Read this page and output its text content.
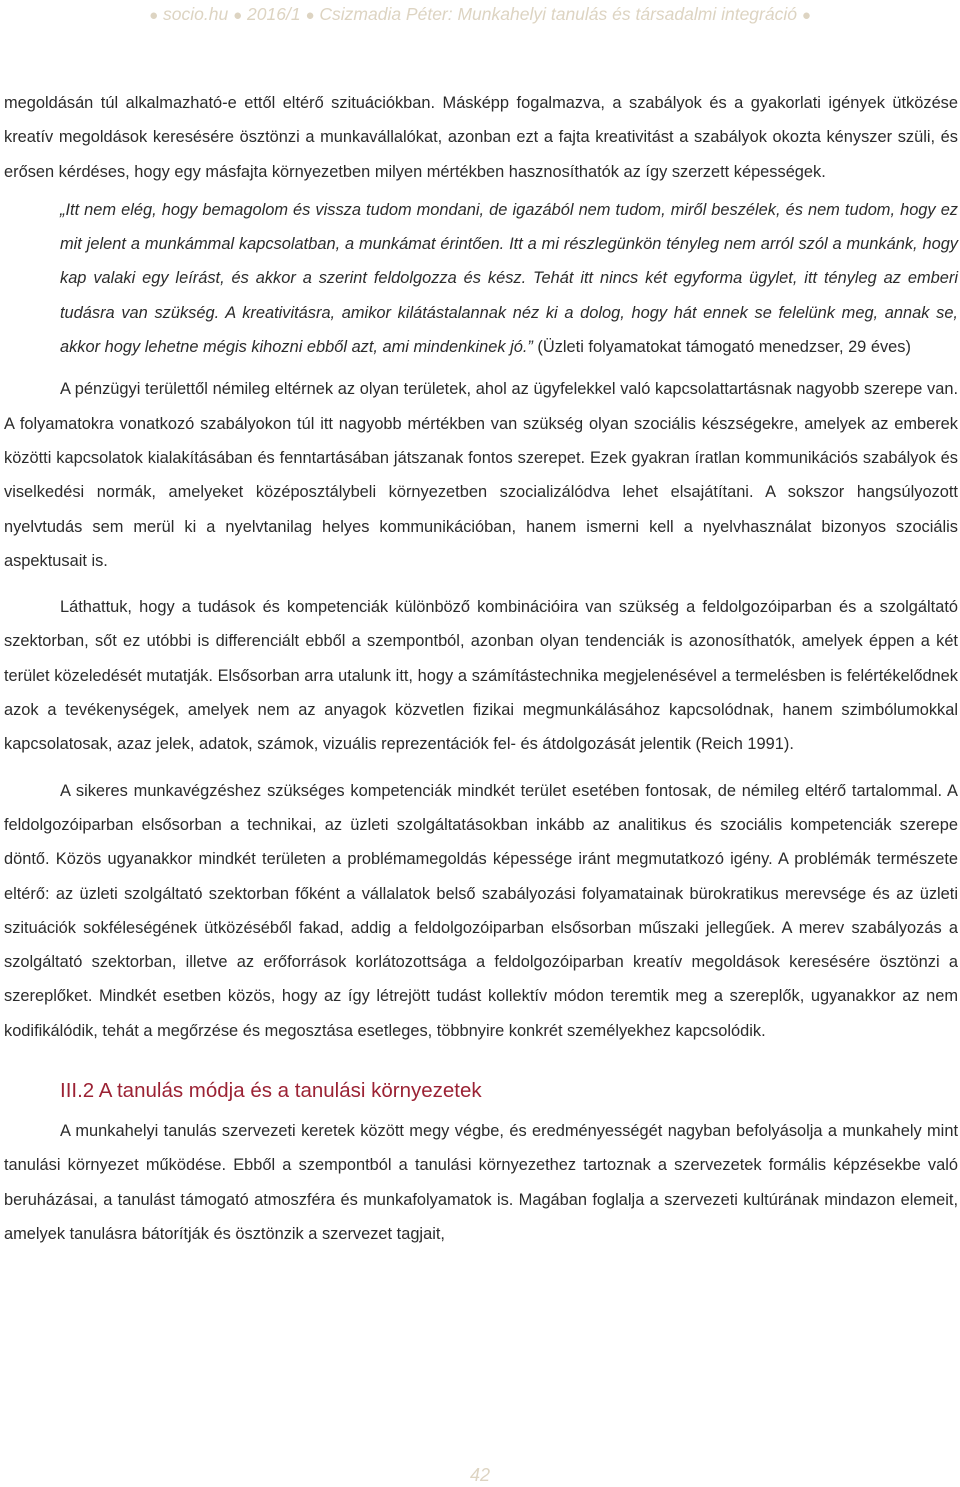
● socio.hu ● 2016/1 ● Csizmadia Péter: Munkahelyi tanulás és társadalmi integráció ●

megoldásán túl alkalmazható-e ettől eltérő szituációkban. Másképp fogalmazva, a szabályok és a gyakorlati igények ütközése kreatív megoldások keresésére ösztönzi a munkavállalókat, azonban ezt a fajta kreativitást a szabályok okozta kényszer szüli, és erősen kérdéses, hogy egy másfajta környezetben milyen mértékben hasznosíthatók az így szerzett képességek.

„Itt nem elég, hogy bemagolom és vissza tudom mondani, de igazából nem tudom, miről beszélek, és nem tudom, hogy ez mit jelent a munkámmal kapcsolatban, a munkámat érintően. Itt a mi részlegünkön tényleg nem arról szól a munkánk, hogy kap valaki egy leírást, és akkor a szerint feldolgozza és kész. Tehát itt nincs két egyforma ügylet, itt tényleg az emberi tudásra van szükség. A kreativitásra, amikor kilátástalannak néz ki a dolog, hogy hát ennek se felelünk meg, annak se, akkor hogy lehetne mégis kihozni ebből azt, ami mindenkinek jó.” (Üzleti folyamatokat támogató menedzser, 29 éves)

A pénzügyi területtől némileg eltérnek az olyan területek, ahol az ügyfelekkel való kapcsolattartásnak nagyobb szerepe van. A folyamatokra vonatkozó szabályokon túl itt nagyobb mértékben van szükség olyan szociális készségekre, amelyek az emberek közötti kapcsolatok kialakításában és fenntartásában játszanak fontos szerepet. Ezek gyakran íratlan kommunikációs szabályok és viselkedési normák, amelyeket középosztálybeli környezetben szocializálódva lehet elsajátítani. A sokszor hangsúlyozott nyelvtudás sem merül ki a nyelvtanilag helyes kommunikációban, hanem ismerni kell a nyelvhasználat bizonyos szociális aspektusait is.

Láthattuk, hogy a tudások és kompetenciák különböző kombinációira van szükség a feldolgozóiparban és a szolgáltató szektorban, sőt ez utóbbi is differenciált ebből a szempontból, azonban olyan tendenciák is azonosíthatók, amelyek éppen a két terület közeledését mutatják. Elsősorban arra utalunk itt, hogy a számítástechnika megjelenésével a termelésben is felértékelődnek azok a tevékenységek, amelyek nem az anyagok közvetlen fizikai megmunkálásához kapcsolódnak, hanem szimbólumokkal kapcsolatosak, azaz jelek, adatok, számok, vizuális reprezentációk fel- és átdolgozását jelentik (Reich 1991).

A sikeres munkavégzéshez szükséges kompetenciák mindkét terület esetében fontosak, de némileg eltérő tartalommal. A feldolgozóiparban elsősorban a technikai, az üzleti szolgáltatásokban inkább az analitikus és szociális kompetenciák szerepe döntő. Közös ugyanakkor mindkét területen a problémamegoldás képessége iránt megmutatkozó igény. A problémák természete eltérő: az üzleti szolgáltató szektorban főként a vállalatok belső szabályozási folyamatainak bürokratikus merevsége és az üzleti szituációk sokféleségének ütközéséből fakad, addig a feldolgozóiparban elsősorban műszaki jellegűek. A merev szabályozás a szolgáltató szektorban, illetve az erőforrások korlátozottsága a feldolgozóiparban kreatív megoldások keresésére ösztönzi a szereplőket. Mindkét esetben közös, hogy az így létrejött tudást kollektív módon teremtik meg a szereplők, ugyanakkor az nem kodifikálódik, tehát a megőrzése és megosztása esetleges, többnyire konkrét személyekhez kapcsolódik.

III.2 A tanulás módja és a tanulási környezetek

A munkahelyi tanulás szervezeti keretek között megy végbe, és eredményességét nagyban befolyásolja a munkahely mint tanulási környezet működése. Ebből a szempontból a tanulási környezethez tartoznak a szervezetek formális képzésekbe való beruházásai, a tanulást támogató atmoszféra és munkafolyamatok is. Magában foglalja a szervezeti kultúrának mindazon elemeit, amelyek tanulásra bátorítják és ösztönzik a szervezet tagjait,

42
